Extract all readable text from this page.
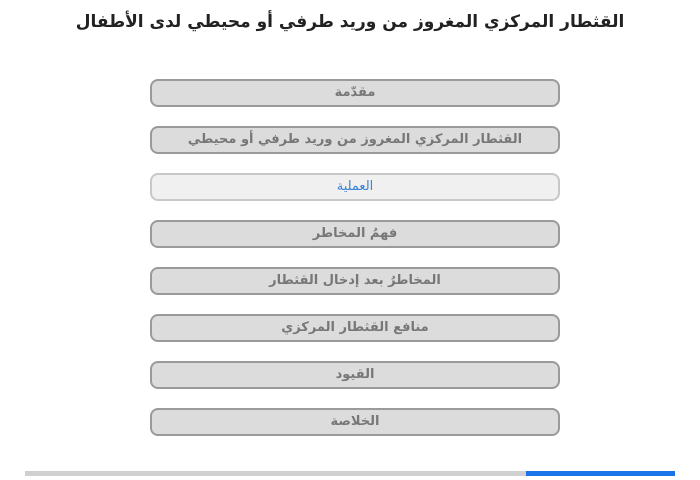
القثطار المركزي المغروز من وريد طرفي أو محيطي لدى الأطفال
مقدّمة
القثطار المركزي المغروز من وريد طرفي أو محيطي
العملية
فهمُ المخاطر
المخاطرُ بعد إدخال القثطار
منافع القثطار المركزي
القيود
الخلاصة
